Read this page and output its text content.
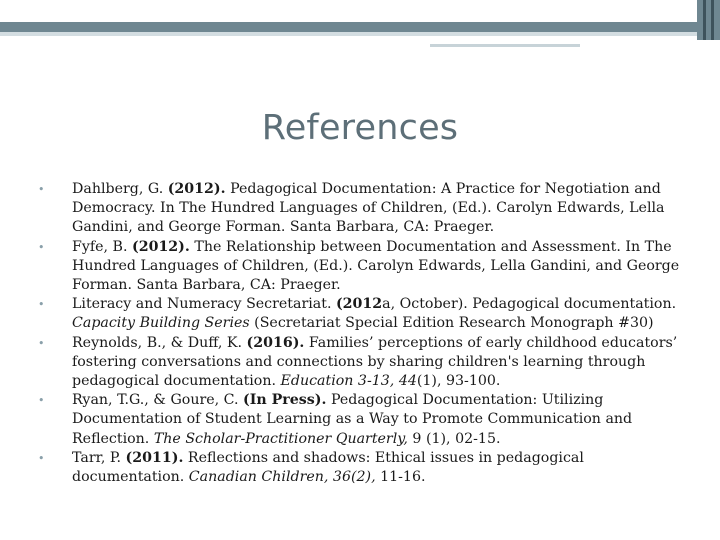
References
• Dahlberg, G. (2012). Pedagogical Documentation: A Practice for Negotiation and Democracy. In The Hundred Languages of Children, (Ed.). Carolyn Edwards, Lella Gandini, and George Forman. Santa Barbara, CA: Praeger.
• Fyfe, B. (2012). The Relationship between Documentation and Assessment. In The Hundred Languages of Children, (Ed.). Carolyn Edwards, Lella Gandini, and George Forman. Santa Barbara, CA: Praeger.
• Literacy and Numeracy Secretariat. (2012a, October). Pedagogical documentation. Capacity Building Series (Secretariat Special Edition Research Monograph #30)
• Reynolds, B., & Duff, K. (2016). Families’ perceptions of early childhood educators’ fostering conversations and connections by sharing children's learning through pedagogical documentation. Education 3-13, 44(1), 93-100.
• Ryan, T.G., & Goure, C. (In Press). Pedagogical Documentation: Utilizing Documentation of Student Learning as a Way to Promote Communication and Reflection. The Scholar-Practitioner Quarterly, 9 (1), 02-15.
• Tarr, P. (2011). Reflections and shadows: Ethical issues in pedagogical documentation. Canadian Children, 36(2), 11-16.
